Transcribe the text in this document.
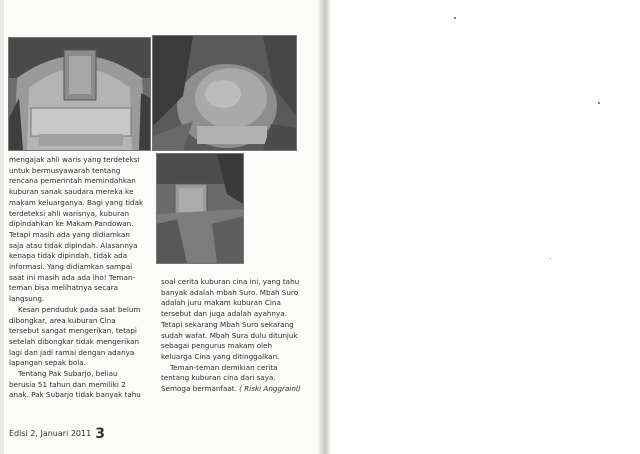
mengajak ahli waris yang terdeteksi

untuk bermusyawarah tentang

rencana pemerintah memindahkan

kuburan sanak saudara mereka ke

makam keluarganya. Bagi yang tidak

terdeteksi ahli warisnya, kuburan

dipindahkan ke Makam Pandowan.

Tetapi masih ada yang didiamkan

saja atau tidak dipindah. Alasannya

kenapa tidak dipindah, tidak ada

informasi. Yang didiamkan sampai

saat ini masih ada ada lho! Teman-

teman bisa melihatnya secara

langsung.

Kesan penduduk pada saat belum

dibongkar, area kuburan Cina

tersebut sangat mengerikan, tetapi

setelah dibongkar tidak mengerikan

lagi dan jadi ramai dengan adanya

lapangan sepak bola.

Tentang Pak Subarjo, beliau

berusia 51 tahun dan memiliki 2

anak. Pak Subarjo tidak banyak tahu

soal cerita kuburan cina ini, yang tahu

banyak adalah mbah Suro. Mbah Suro

adalah juru makam kuburan Cina

tersebut dan juga adalah ayahnya.

Tetapi sekarang Mbah Suro sekarang

sudah wafat. Mbah Sura dulu ditunjuk

sebagai pengurus makam oleh

keluarga Cina yang ditinggalkan.

Teman-teman demikian cerita

tentang kuburan cina dari saya.

Semoga bermanfaat. ( Riski Anggraini)

Edisi 2, Januari 2011 3
